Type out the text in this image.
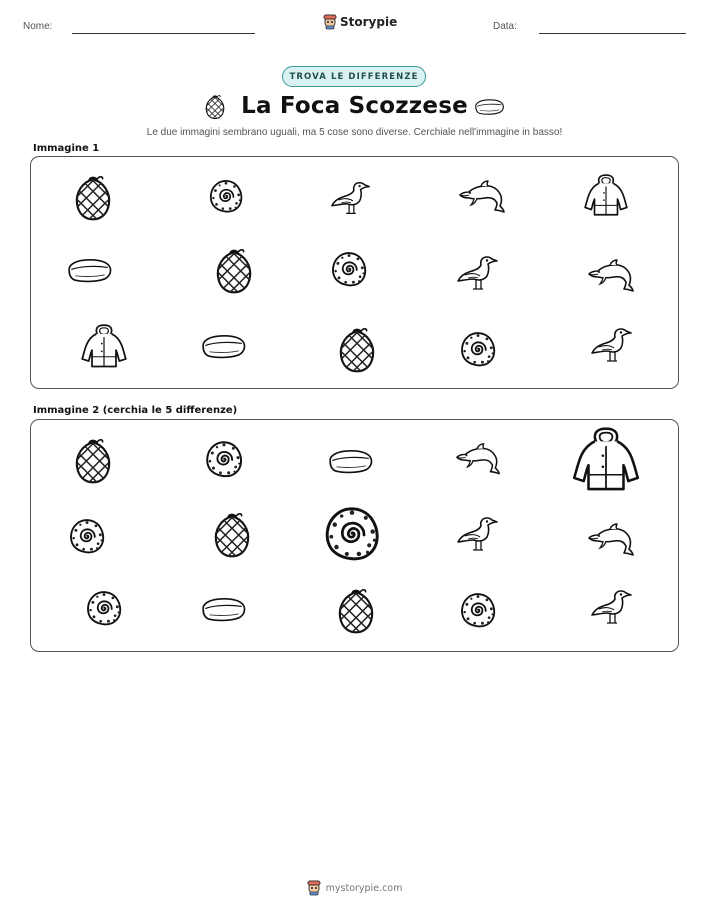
Nome:	Storypie	Data:
TROVA LE DIFFERENZE
La Foca Scozzese
Le due immagini sembrano uguali, ma 5 cose sono diverse. Cerchiale nell'immagine in basso!
Immagine 1
Immagine 2 (cerchia le 5 differenze)
mystorypie.com
